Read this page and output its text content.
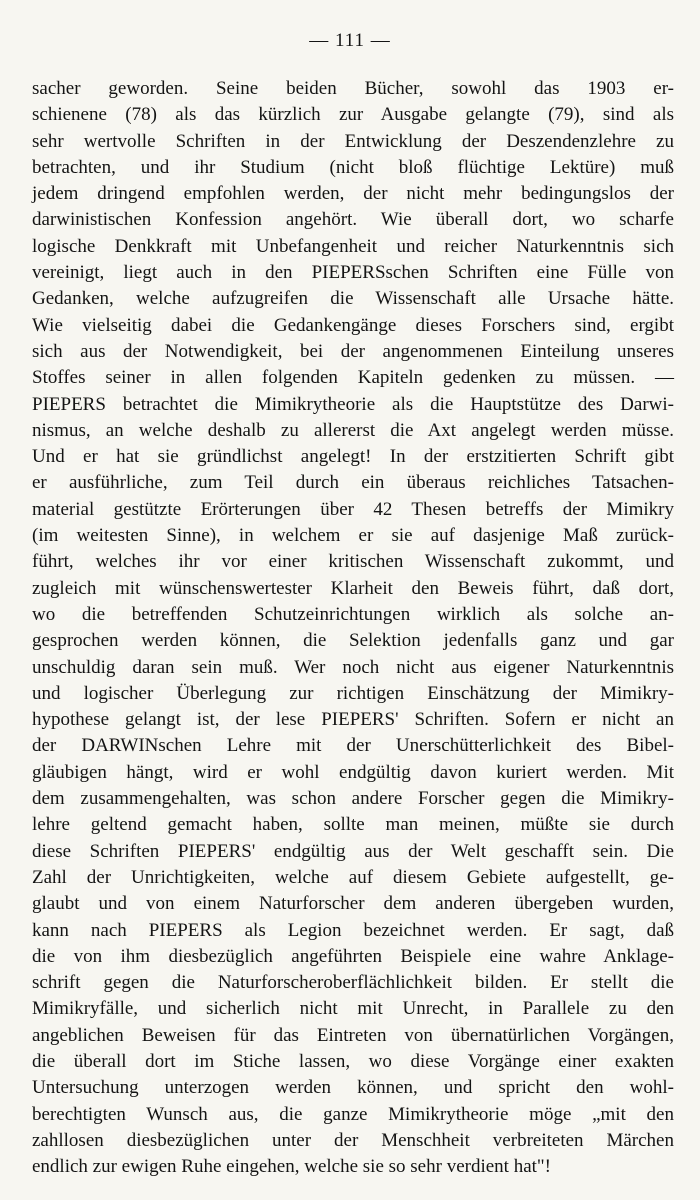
— 111 —
sacher geworden. Seine beiden Bücher, sowohl das 1903 er-
schienene (78) als das kürzlich zur Ausgabe gelangte (79), sind als
sehr wertvolle Schriften in der Entwicklung der Deszendenzlehre zu
betrachten, und ihr Studium (nicht bloß flüchtige Lektüre) muß
jedem dringend empfohlen werden, der nicht mehr bedingungslos der
darwinistischen Konfession angehört. Wie überall dort, wo scharfe
logische Denkkraft mit Unbefangenheit und reicher Naturkenntnis sich
vereinigt, liegt auch in den PIEPERSschen Schriften eine Fülle von
Gedanken, welche aufzugreifen die Wissenschaft alle Ursache hätte.
Wie vielseitig dabei die Gedankengänge dieses Forschers sind, ergibt
sich aus der Notwendigkeit, bei der angenommenen Einteilung unseres
Stoffes seiner in allen folgenden Kapiteln gedenken zu müssen. —
PIEPERS betrachtet die Mimikrytheorie als die Hauptstütze des Darwi-
nismus, an welche deshalb zu allererst die Axt angelegt werden müsse.
Und er hat sie gründlichst angelegt! In der erstzitierten Schrift gibt
er ausführliche, zum Teil durch ein überaus reichliches Tatsachen-
material gestützte Erörterungen über 42 Thesen betreffs der Mimikry
(im weitesten Sinne), in welchem er sie auf dasjenige Maß zurück-
führt, welches ihr vor einer kritischen Wissenschaft zukommt, und
zugleich mit wünschenswertester Klarheit den Beweis führt, daß dort,
wo die betreffenden Schutzeinrichtungen wirklich als solche an-
gesprochen werden können, die Selektion jedenfalls ganz und gar
unschuldig daran sein muß. Wer noch nicht aus eigener Naturkenntnis
und logischer Überlegung zur richtigen Einschätzung der Mimikry-
hypothese gelangt ist, der lese PIEPERS' Schriften. Sofern er nicht an
der DARWINschen Lehre mit der Unerschütterlichkeit des Bibel-
gläubigen hängt, wird er wohl endgültig davon kuriert werden. Mit
dem zusammengehalten, was schon andere Forscher gegen die Mimikry-
lehre geltend gemacht haben, sollte man meinen, müßte sie durch
diese Schriften PIEPERS' endgültig aus der Welt geschafft sein. Die
Zahl der Unrichtigkeiten, welche auf diesem Gebiete aufgestellt, ge-
glaubt und von einem Naturforscher dem anderen übergeben wurden,
kann nach PIEPERS als Legion bezeichnet werden. Er sagt, daß
die von ihm diesbezüglich angeführten Beispiele eine wahre Anklage-
schrift gegen die Naturforscheroberflächlichkeit bilden. Er stellt die
Mimikryfälle, und sicherlich nicht mit Unrecht, in Parallele zu den
angeblichen Beweisen für das Eintreten von übernatürlichen Vorgängen,
die überall dort im Stiche lassen, wo diese Vorgänge einer exakten
Untersuchung unterzogen werden können, und spricht den wohl-
berechtigten Wunsch aus, die ganze Mimikrytheorie möge „mit den
zahllosen diesbezüglichen unter der Menschheit verbreiteten Märchen
endlich zur ewigen Ruhe eingehen, welche sie so sehr verdient hat"!
